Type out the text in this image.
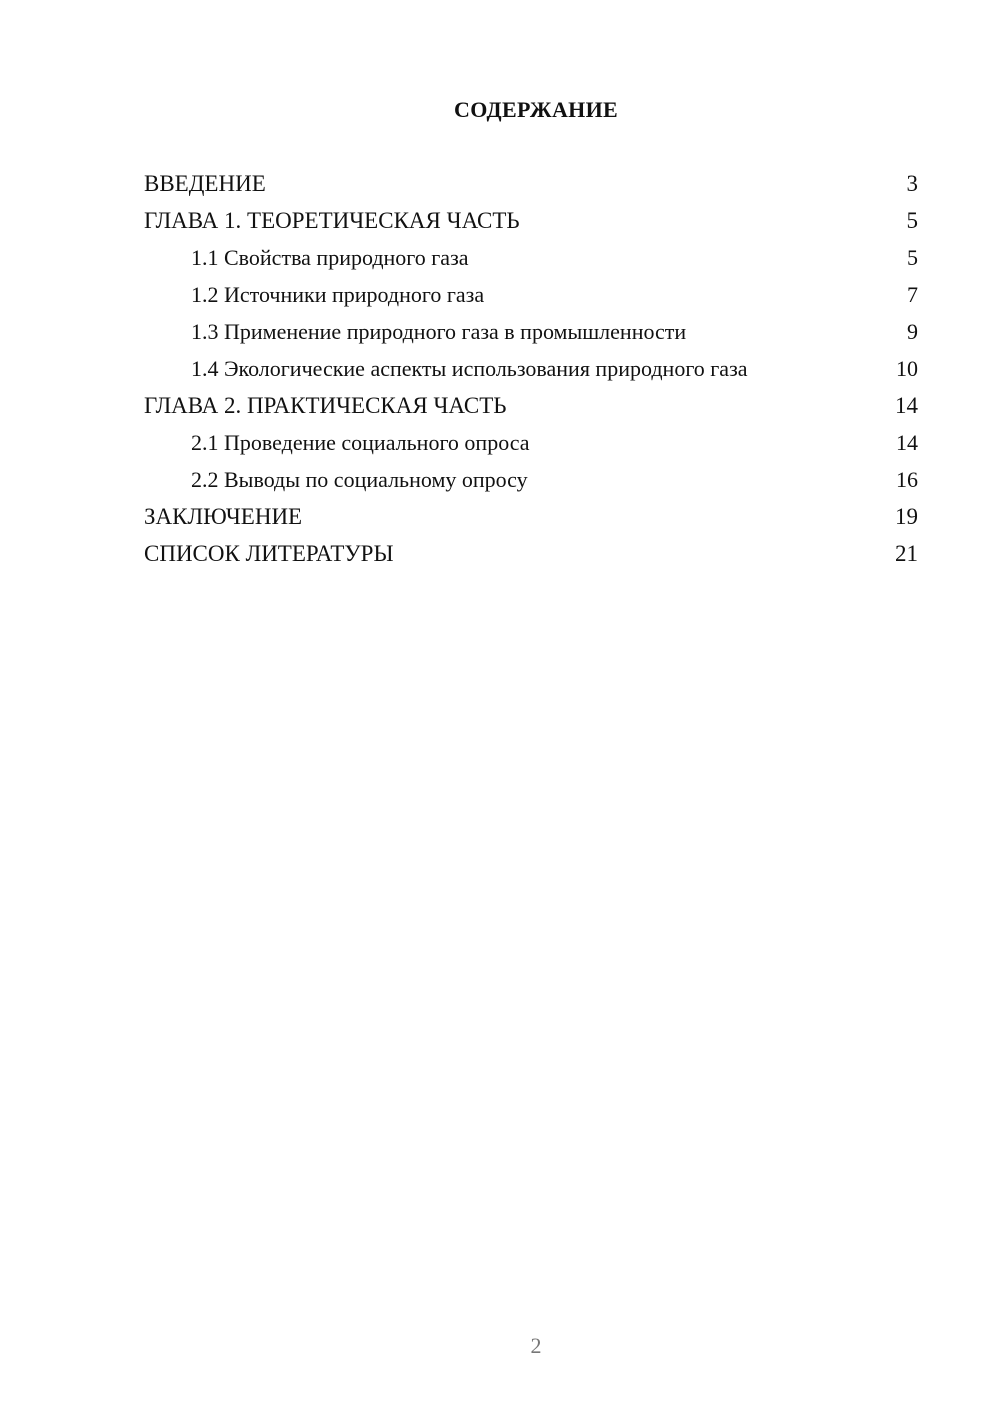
СОДЕРЖАНИЕ
ВВЕДЕНИЕ	3
ГЛАВА 1. ТЕОРЕТИЧЕСКАЯ ЧАСТЬ	5
1.1 Свойства природного газа	5
1.2 Источники природного газа	7
1.3 Применение природного газа в промышленности	9
1.4 Экологические аспекты использования природного газа	10
ГЛАВА 2. ПРАКТИЧЕСКАЯ ЧАСТЬ	14
2.1 Проведение социального опроса	14
2.2 Выводы по социальному опросу	16
ЗАКЛЮЧЕНИЕ	19
СПИСОК ЛИТЕРАТУРЫ	21
2
